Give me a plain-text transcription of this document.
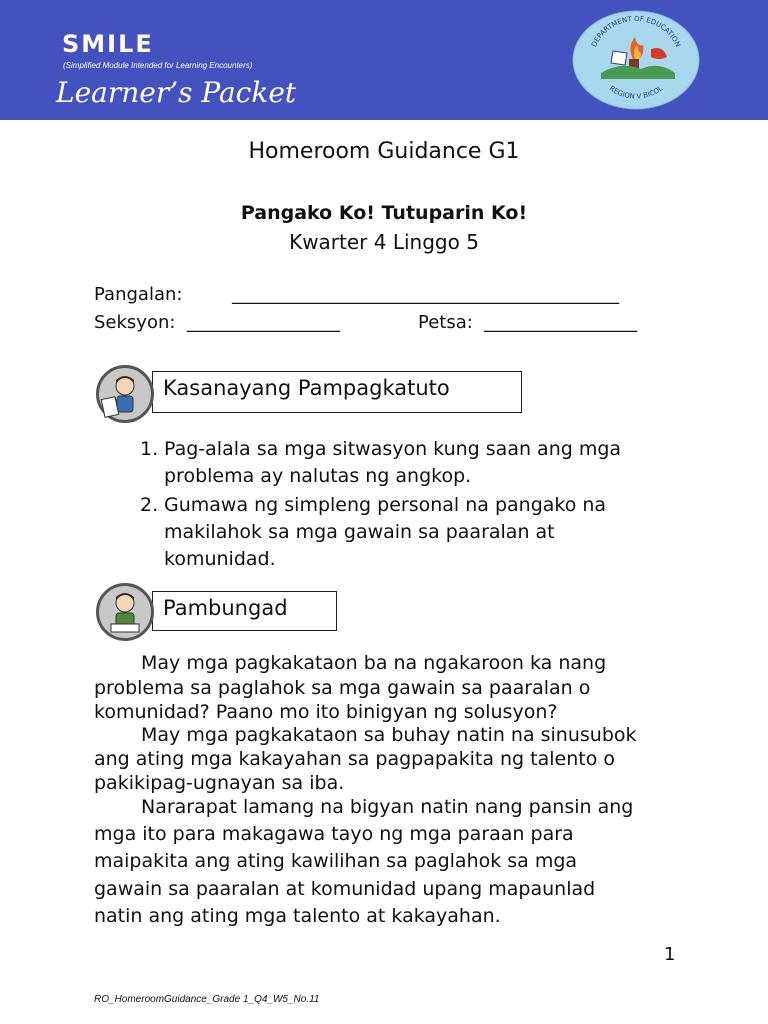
SMILE
(Simplified Module Intended for Learning Encounters)
Learner’s Packet
DEPARTMENT OF EDUCATION
REGION V BICOL
Homeroom Guidance G1
Pangako Ko! Tutuparin Ko!
Kwarter 4 Linggo 5
Pangalan:	___________________________________________
Seksyon: _________________	Petsa: _________________
Kasanayang Pampagkatuto
1. Pag-alala sa mga sitwasyon kung saan ang mga
problema ay nalutas ng angkop.
2. Gumawa ng simpleng personal na pangako na
makilahok sa mga gawain sa paaralan at
komunidad.
Pambungad

May mga pagkakataon ba na ngakaroon ka nang

problema sa paglahok sa mga gawain sa paaralan o

komunidad? Paano mo ito binigyan ng solusyon?

May mga pagkakataon sa buhay natin na sinusubok

ang ating mga kakayahan sa pagpapakita ng talento o

pakikipag-ugnayan sa iba.

Nararapat lamang na bigyan natin nang pansin ang

mga ito para makagawa tayo ng mga paraan para

maipakita ang ating kawilihan sa paglahok sa mga

gawain sa paaralan at komunidad upang mapaunlad

natin ang ating mga talento at kakayahan.

1
RO_HomeroomGuidance_Grade 1_Q4_W5_No.11
